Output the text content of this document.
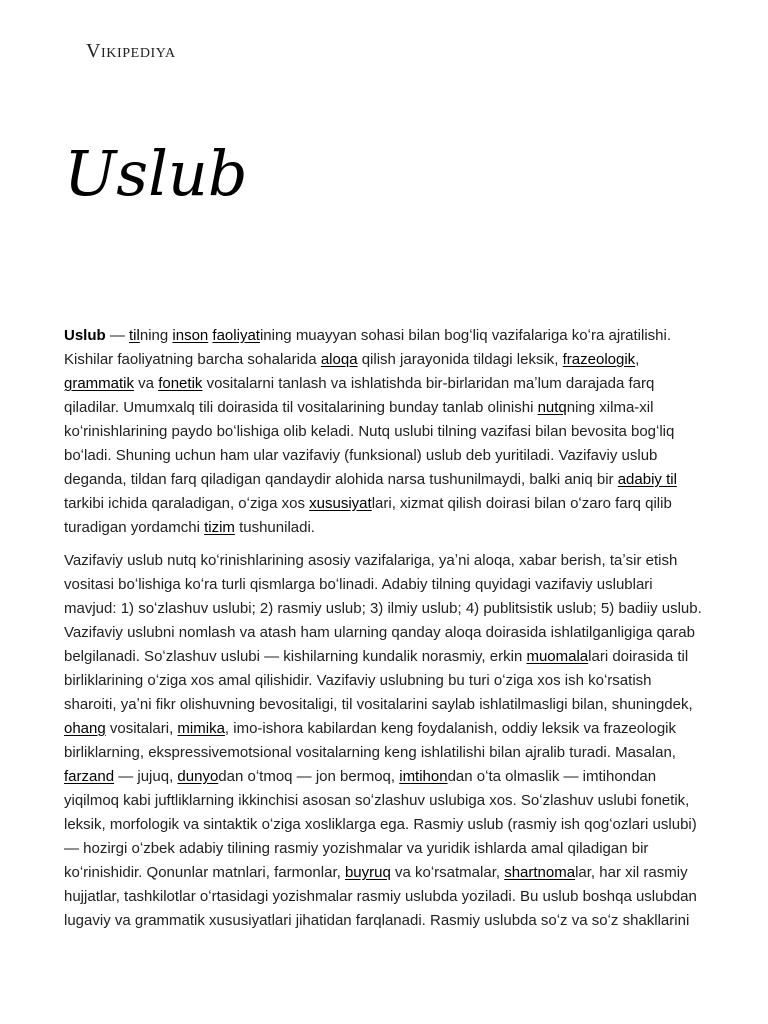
Vikipediya
Uslub

Uslub — tilning inson faoliyatining muayyan sohasi bilan bogʻliq vazifalariga koʻra ajratilishi. Kishilar faoliyatning barcha sohalarida aloqa qilish jarayonida tildagi leksik, frazeologik, grammatik va fonetik vositalarni tanlash va ishlatishda bir-birlaridan maʼlum darajada farq qiladilar. Umumxalq tili doirasida til vositalarining bunday tanlab olinishi nutqning xilma-xil koʻrinishlarining paydo boʻlishiga olib keladi. Nutq uslubi tilning vazifasi bilan bevosita bogʻliq boʻladi. Shuning uchun ham ular vazifaviy (funksional) uslub deb yuritiladi. Vazifaviy uslub deganda, tildan farq qiladigan qandaydir alohida narsa tushunilmaydi, balki aniq bir adabiy til tarkibi ichida qaraladigan, oʻziga xos xususiyatlari, xizmat qilish doirasi bilan oʻzaro farq qilib turadigan yordamchi tizim tushuniladi.

Vazifaviy uslub nutq koʻrinishlarining asosiy vazifalariga, yaʼni aloqa, xabar berish, taʼsir etish vositasi boʻlishiga koʻra turli qismlarga boʻlinadi. Adabiy tilning quyidagi vazifaviy uslublari mavjud: 1) soʻzlashuv uslubi; 2) rasmiy uslub; 3) ilmiy uslub; 4) publitsistik uslub; 5) badiiy uslub. Vazifaviy uslubni nomlash va atash ham ularning qanday aloqa doirasida ishlatilganligiga qarab belgilanadi. Soʻzlashuv uslubi — kishilarning kundalik norasmiy, erkin muomalalari doirasida til birliklarining oʻziga xos amal qilishidir. Vazifaviy uslubning bu turi oʻziga xos ish koʻrsatish sharoiti, yaʼni fikr olishuvning bevositaligi, til vositalarini saylab ishlatilmasligi bilan, shuningdek, ohang vositalari, mimika, imo-ishora kabilardan keng foydalanish, oddiy leksik va frazeologik birliklarning, ekspressivemotsional vositalarning keng ishlatilishi bilan ajralib turadi. Masalan, farzand — jujuq, dunyodan oʻtmoq — jon bermoq, imtihondan oʻta olmaslik — imtihondan yiqilmoq kabi juftliklarning ikkinchisi asosan soʻzlashuv uslubiga xos. Soʻzlashuv uslubi fonetik, leksik, morfologik va sintaktik oʻziga xosliklarga ega. Rasmiy uslub (rasmiy ish qogʻozlari uslubi) — hozirgi oʻzbek adabiy tilining rasmiy yozishmalar va yuridik ishlarda amal qiladigan bir koʻrinishidir. Qonunlar matnlari, farmonlar, buyruq va koʻrsatmalar, shartnomalar, har xil rasmiy hujjatlar, tashkilotlar oʻrtasidagi yozishmalar rasmiy uslubda yoziladi. Bu uslub boshqa uslubdan lugaviy va grammatik xususiyatlari jihatidan farqlanadi. Rasmiy uslubda soʻz va soʻz shakllarini
